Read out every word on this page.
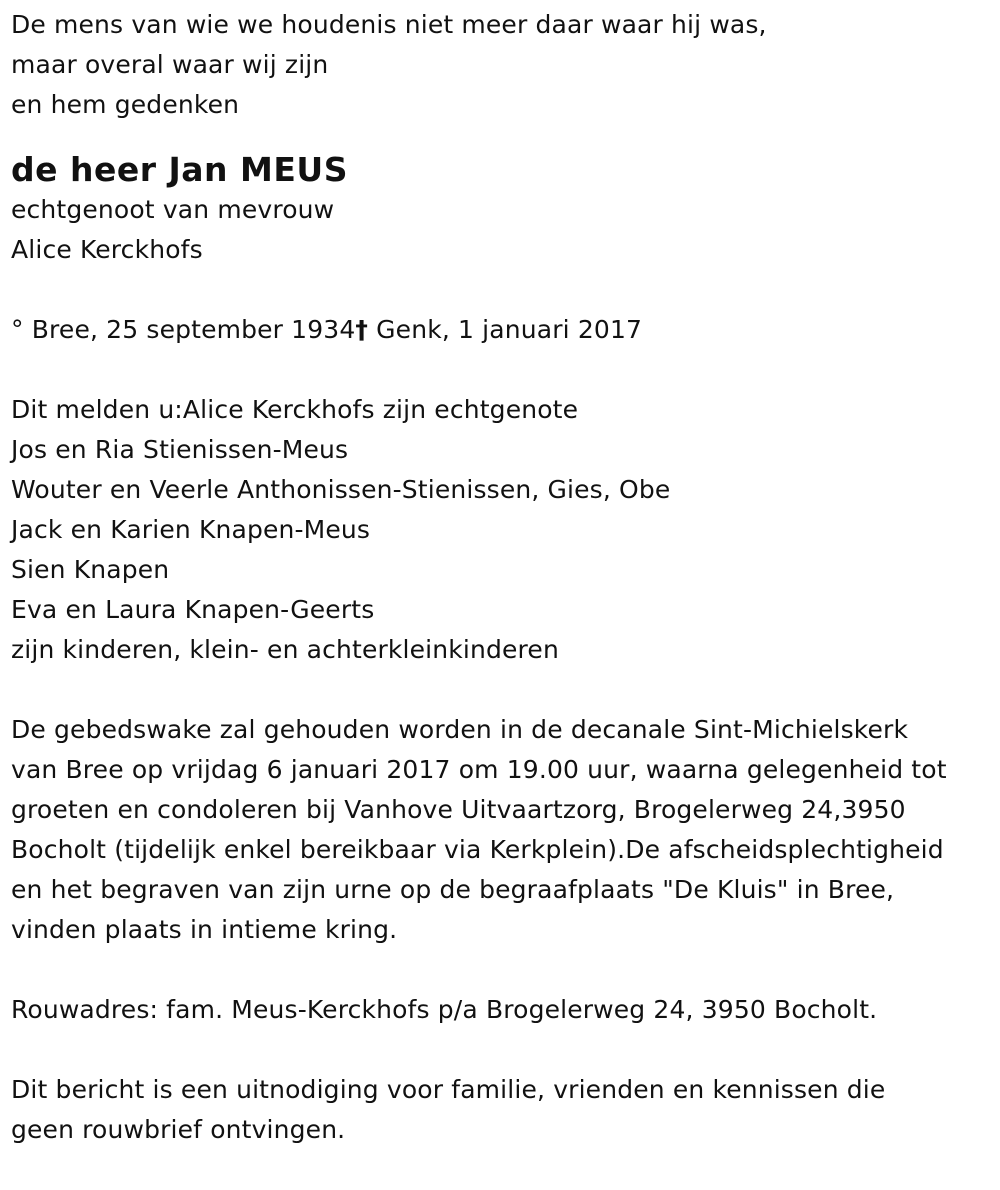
De mens van wie we houdenis niet meer daar waar hij was,
maar overal waar wij zijn
en hem gedenken
de heer Jan MEUS
echtgenoot van mevrouw
Alice Kerckhofs
° Bree, 25 september 1934† Genk, 1 januari 2017
Dit melden u:Alice Kerckhofs zijn echtgenote
Jos en Ria Stienissen-Meus
Wouter en Veerle Anthonissen-Stienissen, Gies, Obe
Jack en Karien Knapen-Meus
Sien Knapen
Eva en Laura Knapen-Geerts
zijn kinderen, klein- en achterkleinkinderen
De gebedswake zal gehouden worden in de decanale Sint-Michielskerk
van Bree op vrijdag 6 januari 2017 om 19.00 uur, waarna gelegenheid tot
groeten en condoleren bij Vanhove Uitvaartzorg, Brogelerweg 24,3950
Bocholt (tijdelijk enkel bereikbaar via Kerkplein).De afscheidsplechtigheid
en het begraven van zijn urne op de begraafplaats "De Kluis" in Bree,
vinden plaats in intieme kring.
Rouwadres: fam. Meus-Kerckhofs p/a Brogelerweg 24, 3950 Bocholt.
Dit bericht is een uitnodiging voor familie, vrienden en kennissen die
geen rouwbrief ontvingen.
